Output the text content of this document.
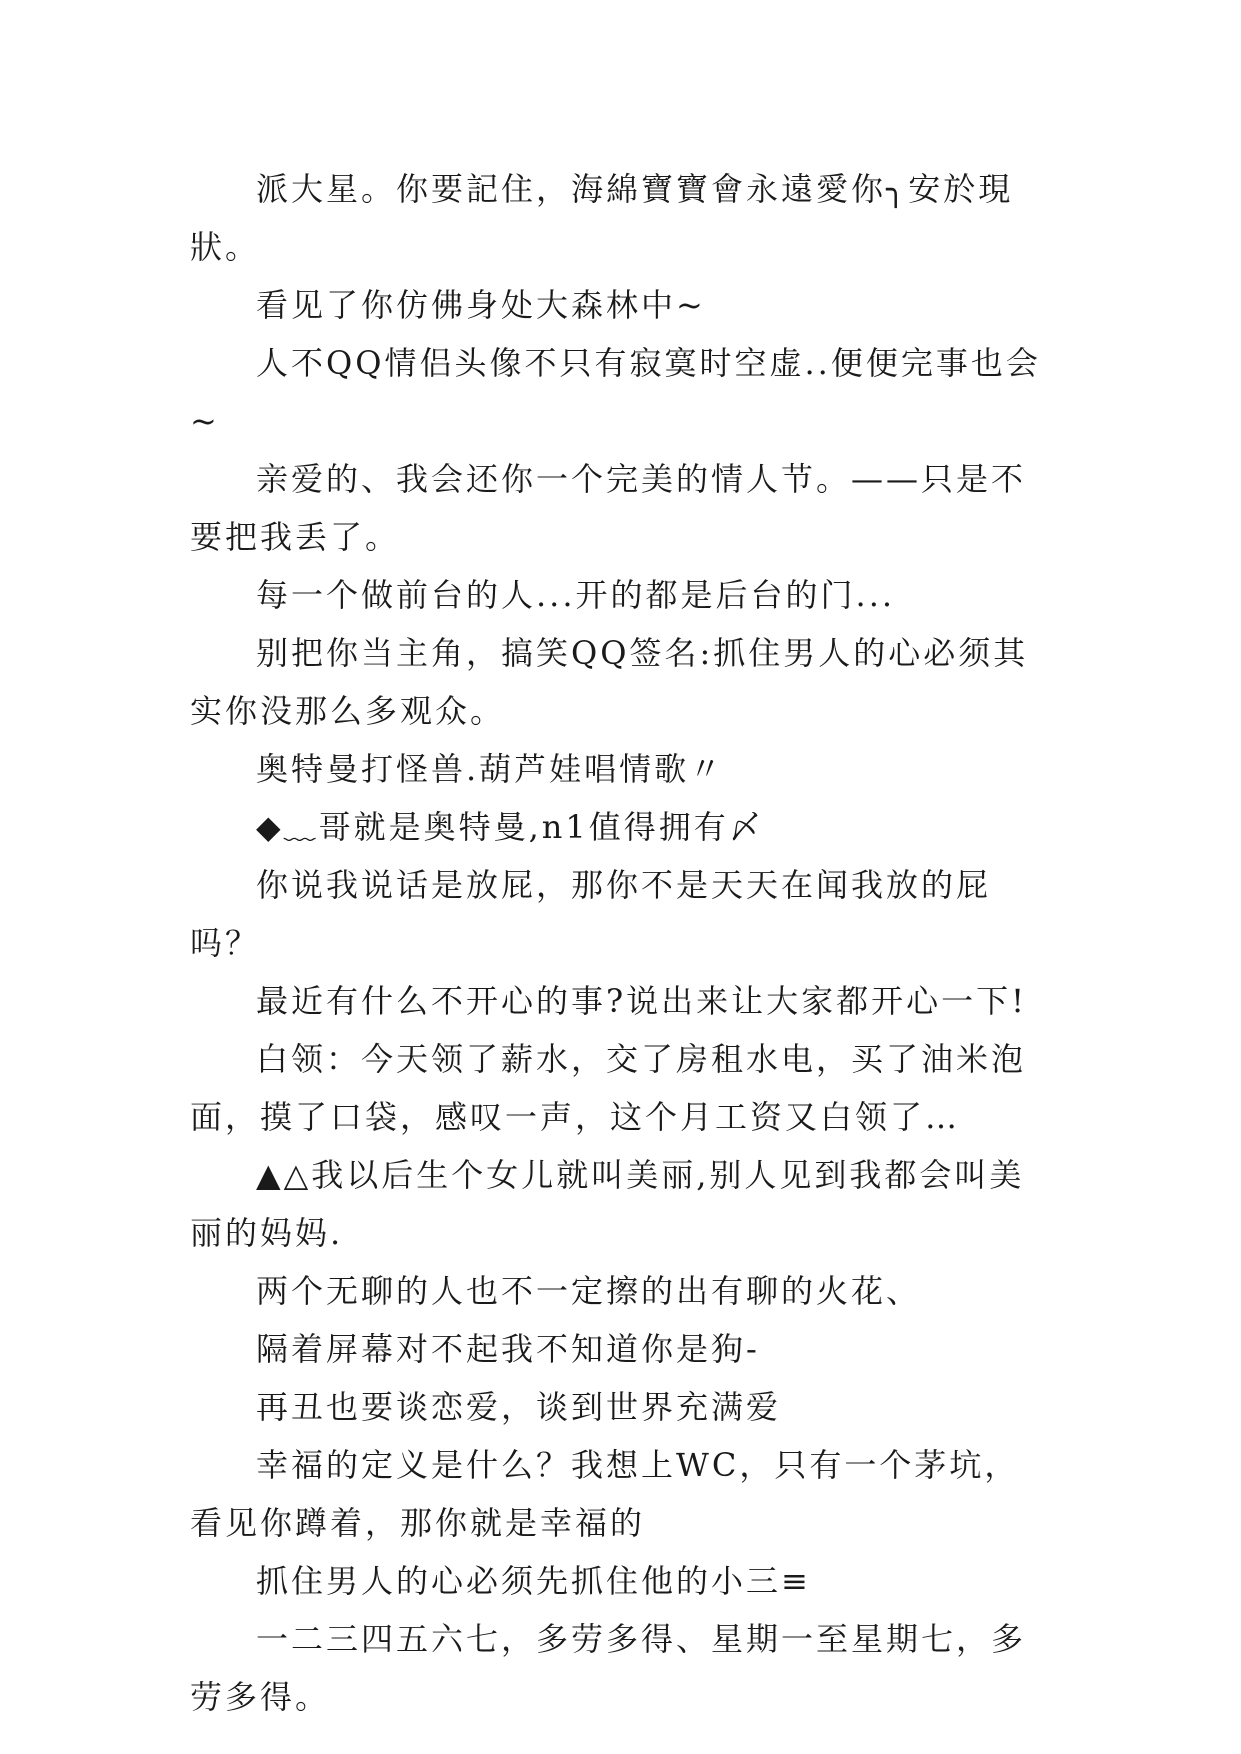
派大星。你要記住，海綿寶寶會永遠愛你╮安於現狀。

看见了你仿佛身处大森林中~

人不QQ情侣头像不只有寂寞时空虚..便便完事也会~

亲爱的、我会还你一个完美的情人节。——只是不要把我丢了。

每一个做前台的人...开的都是后台的门...

别把你当主角，搞笑QQ签名:抓住男人的心必须其实你没那么多观众。

奥特曼打怪兽.葫芦娃唱情歌〃

◆﹏哥就是奥特曼,n1值得拥有〆

你说我说话是放屁，那你不是天天在闻我放的屁吗？

最近有什么不开心的事?说出来让大家都开心一下!

白领：今天领了薪水，交了房租水电，买了油米泡面，摸了口袋，感叹一声，这个月工资又白领了…

▲△我以后生个女儿就叫美丽,别人见到我都会叫美丽的妈妈.

两个无聊的人也不一定擦的出有聊的火花、

隔着屏幕对不起我不知道你是狗-

再丑也要谈恋爱，谈到世界充满爱

幸福的定义是什么？我想上WC，只有一个茅坑，看见你蹲着，那你就是幸福的

抓住男人的心必须先抓住他的小三≡

一二三四五六七，多劳多得、星期一至星期七，多劳多得。
